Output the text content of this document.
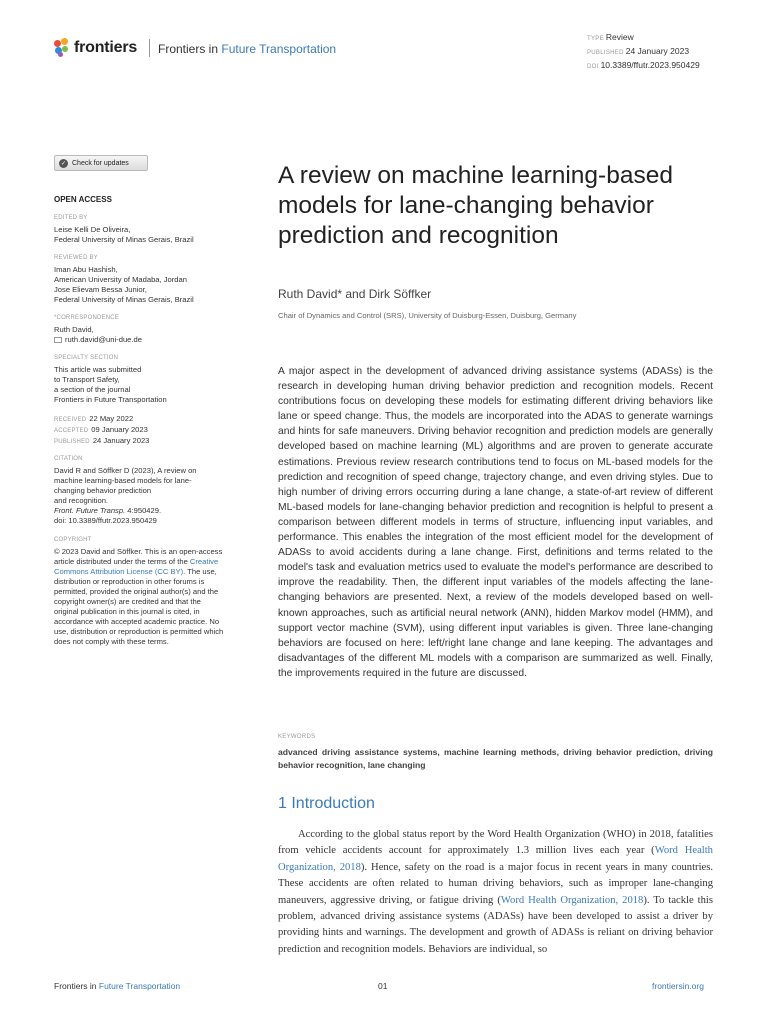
frontiers Frontiers in Future Transportation
TYPE Review
PUBLISHED 24 January 2023
DOI 10.3389/ffutr.2023.950429
✓ Check for updates
OPEN ACCESS
EDITED BY
Leise Kelli De Oliveira,
Federal University of Minas Gerais, Brazil
REVIEWED BY
Iman Abu Hashish,
American University of Madaba, Jordan
Jose Elievam Bessa Junior,
Federal University of Minas Gerais, Brazil
*CORRESPONDENCE
Ruth David,
ruth.david@uni-due.de
SPECIALTY SECTION
This article was submitted
to Transport Safety,
a section of the journal
Frontiers in Future Transportation
RECEIVED 22 May 2022
ACCEPTED 09 January 2023
PUBLISHED 24 January 2023
CITATION
David R and Söffker D (2023), A review on
machine learning-based models for lane-
changing behavior prediction
and recognition.
Front. Future Transp. 4:950429.
doi: 10.3389/ffutr.2023.950429
COPYRIGHT
© 2023 David and Söffker. This is an open-access article distributed under the terms of the Creative Commons Attribution License (CC BY). The use, distribution or reproduction in other forums is permitted, provided the original author(s) and the copyright owner(s) are credited and that the original publication in this journal is cited, in accordance with accepted academic practice. No use, distribution or reproduction is permitted which does not comply with these terms.
A review on machine learning-based models for lane-changing behavior prediction and recognition
Ruth David* and Dirk Söffker
Chair of Dynamics and Control (SRS), University of Duisburg-Essen, Duisburg, Germany

A major aspect in the development of advanced driving assistance systems (ADASs) is the research in developing human driving behavior prediction and recognition models. Recent contributions focus on developing these models for estimating different driving behaviors like lane or speed change. Thus, the models are incorporated into the ADAS to generate warnings and hints for safe maneuvers. Driving behavior recognition and prediction models are generally developed based on machine learning (ML) algorithms and are proven to generate accurate estimations. Previous review research contributions tend to focus on ML-based models for the prediction and recognition of speed change, trajectory change, and even driving styles. Due to high number of driving errors occurring during a lane change, a state-of-art review of different ML-based models for lane-changing behavior prediction and recognition is helpful to present a comparison between different models in terms of structure, influencing input variables, and performance. This enables the integration of the most efficient model for the development of ADASs to avoid accidents during a lane change. First, definitions and terms related to the model's task and evaluation metrics used to evaluate the model's performance are described to improve the readability. Then, the different input variables of the models affecting the lane-changing behaviors are presented. Next, a review of the models developed based on well-known approaches, such as artificial neural network (ANN), hidden Markov model (HMM), and support vector machine (SVM), using different input variables is given. Three lane-changing behaviors are focused on here: left/right lane change and lane keeping. The advantages and disadvantages of the different ML models with a comparison are summarized as well. Finally, the improvements required in the future are discussed.

KEYWORDS
advanced driving assistance systems, machine learning methods, driving behavior prediction, driving behavior recognition, lane changing
1 Introduction

According to the global status report by the Word Health Organization (WHO) in 2018, fatalities from vehicle accidents account for approximately 1.3 million lives each year (Word Health Organization, 2018). Hence, safety on the road is a major focus in recent years in many countries. These accidents are often related to human driving behaviors, such as improper lane-changing maneuvers, aggressive driving, or fatigue driving (Word Health Organization, 2018). To tackle this problem, advanced driving assistance systems (ADASs) have been developed to assist a driver by providing hints and warnings. The development and growth of ADASs is reliant on driving behavior prediction and recognition models. Behaviors are individual, so

Frontiers in Future Transportation	01	frontiersin.org
